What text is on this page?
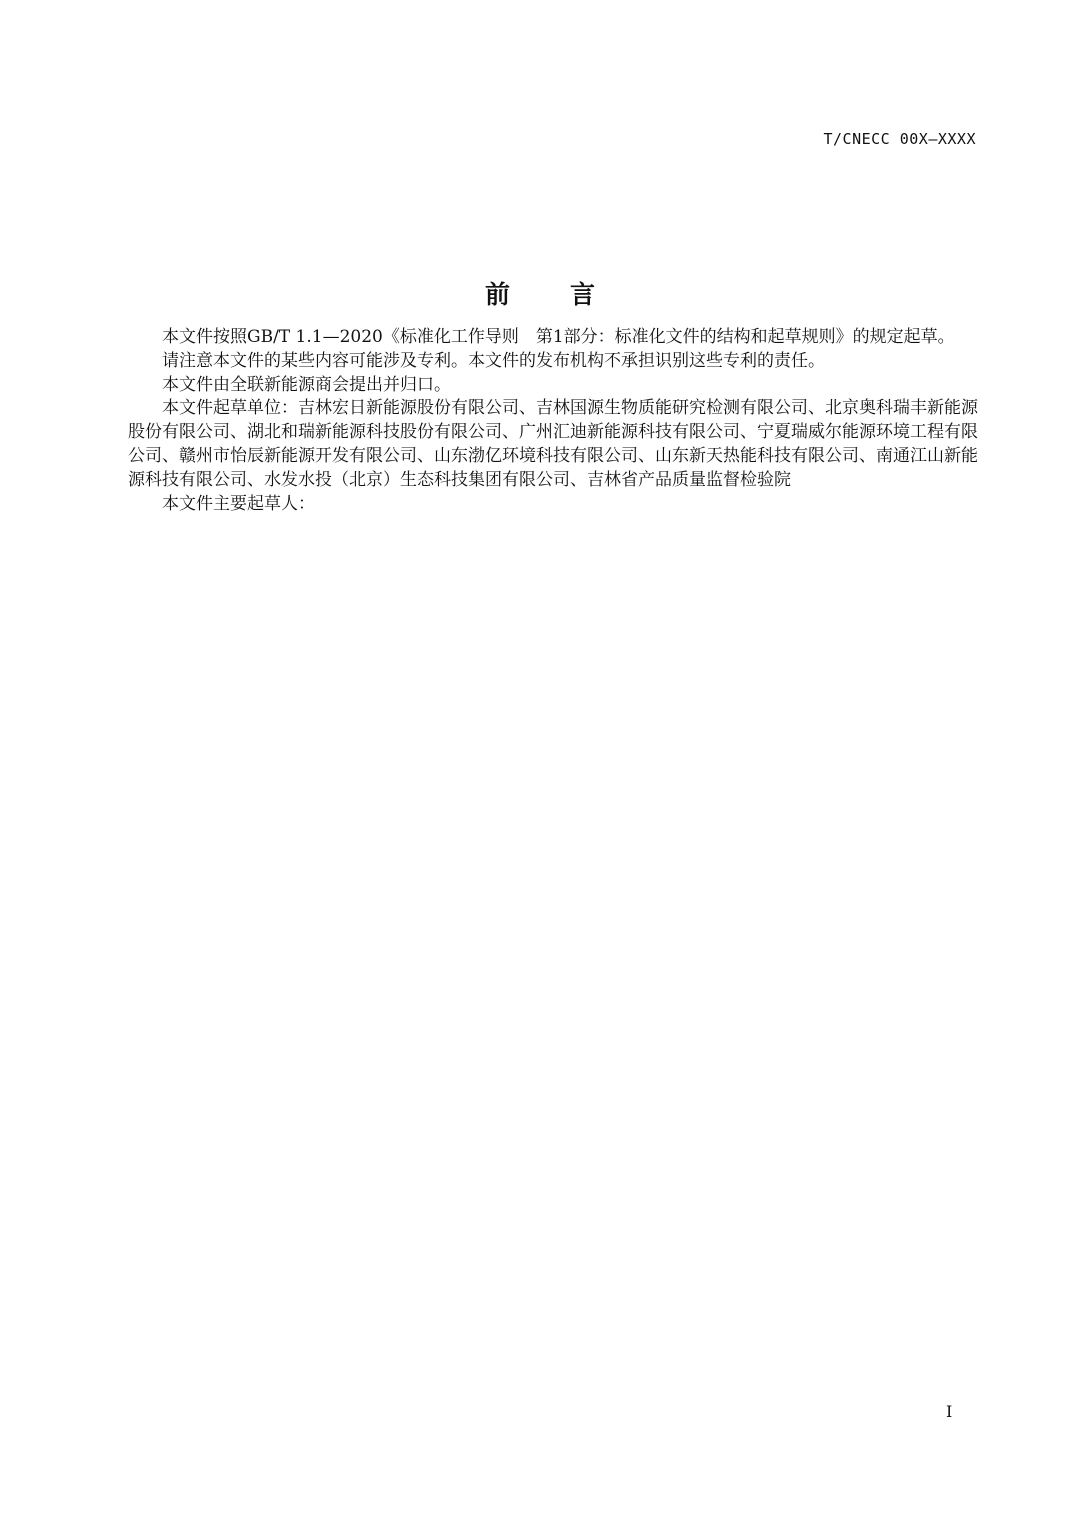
T/CNECC 00X—XXXX
前言

本文件按照GB/T 1.1—2020《标准化工作导则　第1部分：标准化文件的结构和起草规则》的规定起草。

请注意本文件的某些内容可能涉及专利。本文件的发布机构不承担识别这些专利的责任。

本文件由全联新能源商会提出并归口。

本文件起草单位：吉林宏日新能源股份有限公司、吉林国源生物质能研究检测有限公司、北京奥科瑞丰新能源股份有限公司、湖北和瑞新能源科技股份有限公司、广州汇迪新能源科技有限公司、宁夏瑞威尔能源环境工程有限公司、赣州市怡辰新能源开发有限公司、山东渤亿环境科技有限公司、山东新天热能科技有限公司、南通江山新能源科技有限公司、水发水投（北京）生态科技集团有限公司、吉林省产品质量监督检验院

本文件主要起草人：

I
